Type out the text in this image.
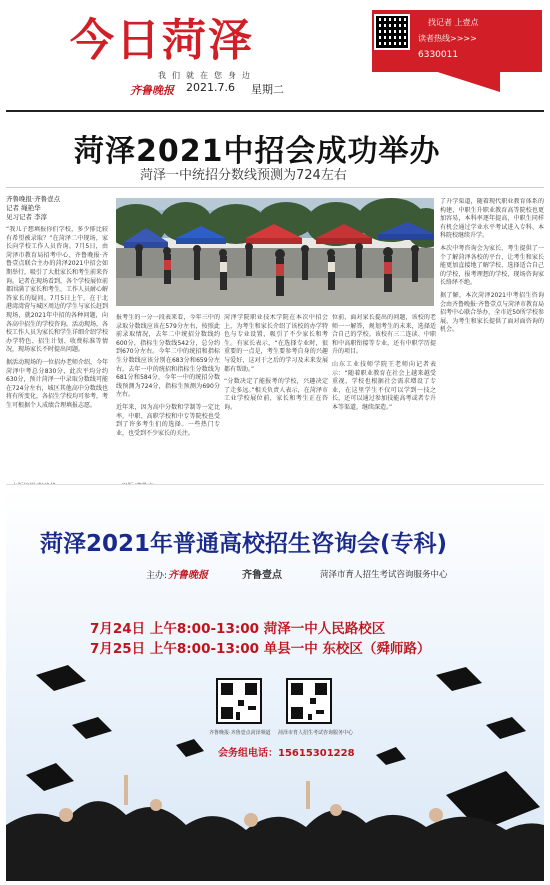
今日菏泽
我们就在您身边
齐鲁晚报 2021.7.6 星期二
找记者 上壹点
读者热线>>>>
6330011
菏泽2021中招会成功举办
菏泽一中统招分数线预测为724左右
齐鲁晚报·齐鲁壹点
记者 绳艳华
见习记者 李淳

“我儿子想填报你们学校，多少排比较有希望被录取？”在菏泽二中现场，家长向学校工作人员咨询。7月5日，由菏泽市教育局招考中心、齐鲁晚报·齐鲁壹点联合主办的菏泽2021中招会如期举行，吸引了大批家长和考生前来咨询。记者在现场看到，各个学校展位前都围满了家长和考生，工作人员耐心解答家长的疑问。7月5日上午，在于北港湾湾营与城区周边的学生与家长赶到现场，就2021年中招的各种问题，向各高中招生的学校咨询。活动现场，各校工作人员为家长和学生详细介绍学校办学特色、招生计划、收费标准等情况，现场家长不时提出问题。

据活动现场的一位招办老师介绍，今年菏泽中考总分830分，此次平均分约630分，预计菏泽一中录取分数线可能在724分左右，城区其他高中分数线也将有所变化，各招生学校均可参考，考生可根据个人成绩合理填报志愿。

报考生的一分一段表来看，今年三中的录取分数线应该在579分左右，按照此前录取情况，去年二中统招分数线约600分，指标生分数线542分，总分约到670分左右。今年二中的统招和指标生分数线应该分别在683分和659分左右。去年一中的统招和指标生分数线为681分和584分，今年一中的统招分数线预测为724分，指标生预测为690分左右。

近年来，因为高中分数和学制等一定比率，中职、高职学校和中专等院校也受到了许多考生们的选择。一些热门专业，也受到不少家长的关注。

菏泽学院职业技术学院在本次中招会上，为考生和家长介绍了该校的办学特色与专业设置，吸引了不少家长和考生。有家长表示，“在选择专业时，很重要的一点是，考生要参考自身的兴趣与爱好，这对于之后的学习及未来发展都有帮助。”

“分数决定了能报考的学校，兴趣决定了走多远。”相关负责人表示，在菏泽市工业学校展位前，家长和考生正在咨询。

位前，面对家长提出的问题，该校的老师一一解答，规划考生的未来，选择适合自己的学校。该校有三二连读、中职和中高职衔接等专业，还有中职学历提升的项目。

山东工业技师学院王老师向记者表示：“随着职业教育在社会上越来越受重视，学校也根据社会需求增设了专业，在这里学生不仅可以学到一技之长，还可以通过参加技能高考或者专升本等渠道，继续深造。”

了升学渠道，随着现代职业教育体系的构建，中职生升职业教育高等院校也更加容易，本科率逐年提高，中职生同样有机会通过学业水平考试进入专科、本科院校继续升学。

本次中考咨询会为家长、考生提供了一个了解菏泽各校的平台，让考生和家长能更加直接地了解学校，选择适合自己的学校，报考理想的学校，现场咨询家长络绎不绝。

据了解，本次菏泽2021中考招生咨询会由齐鲁晚报·齐鲁壹点与菏泽市教育局招考中心联合举办，全市近50所学校参展，为考生和家长提供了面对面咨询的机会。

菏泽2021年普通高校招生咨询会(专科)
主办: 齐鲁晚报	齐鲁壹点	菏泽市育人招生考试咨询服务中心
7月24日 上午8:00-13:00 菏泽一中人民路校区
7月25日 上午8:00-13:00 单县一中 东校区（舜师路）
齐鲁晚报·齐鲁壹点菏泽频道 菏泽市育人招生考试咨询服务中心
会务组电话：15615301228
